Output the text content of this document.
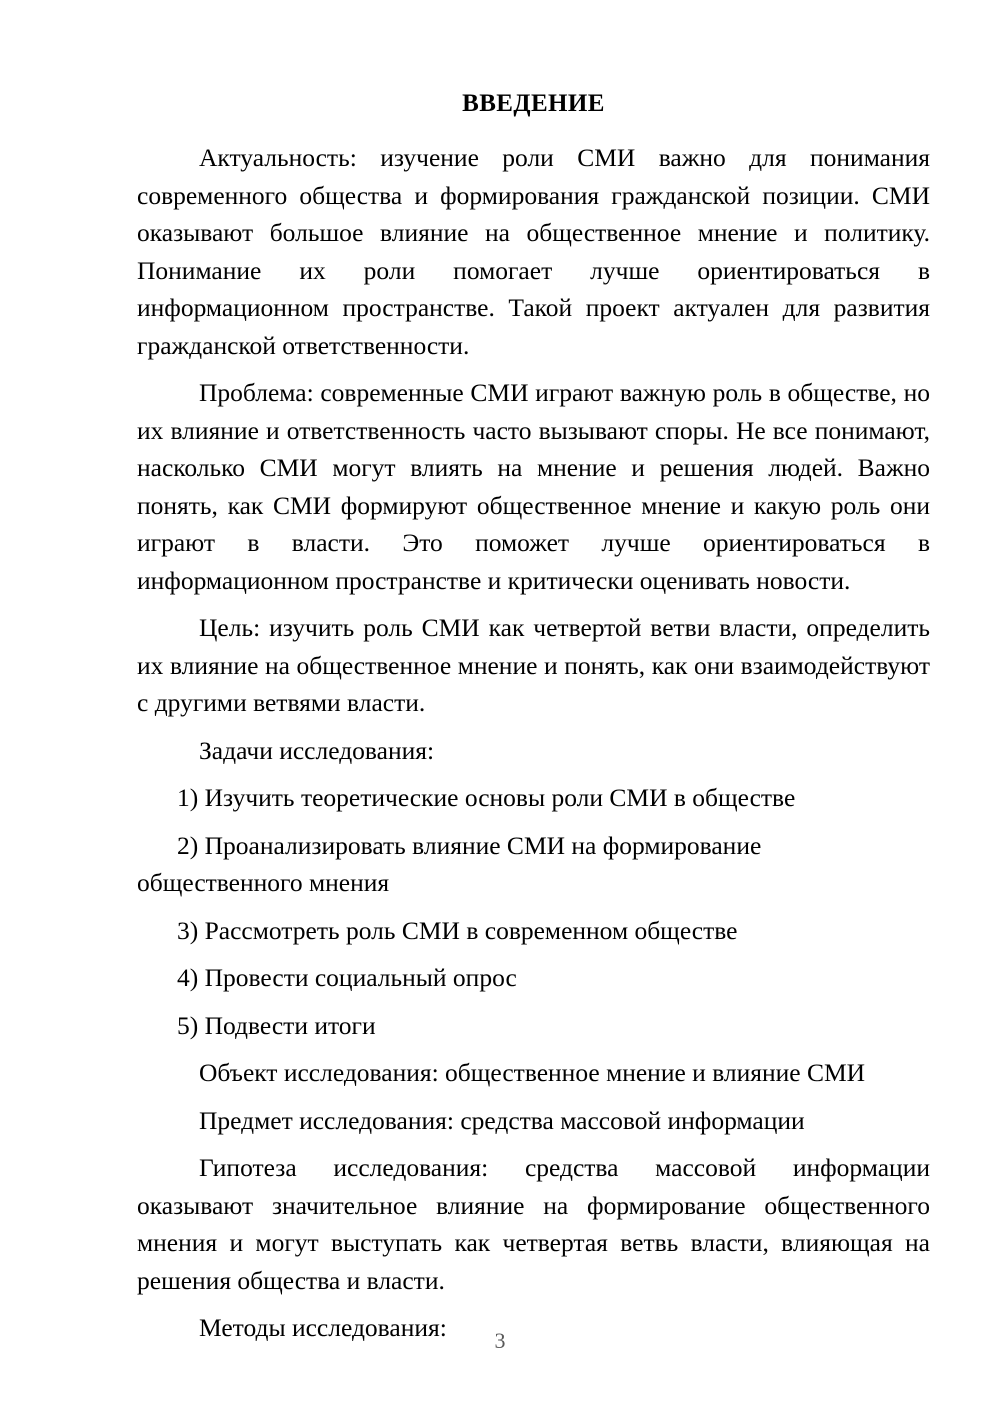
ВВЕДЕНИЕ

Актуальность: изучение роли СМИ важно для понимания современного общества и формирования гражданской позиции. СМИ оказывают большое влияние на общественное мнение и политику. Понимание их роли помогает лучше ориентироваться в информационном пространстве. Такой проект актуален для развития гражданской ответственности.

Проблема: современные СМИ играют важную роль в обществе, но их влияние и ответственность часто вызывают споры. Не все понимают, насколько СМИ могут влиять на мнение и решения людей. Важно понять, как СМИ формируют общественное мнение и какую роль они играют в власти. Это поможет лучше ориентироваться в информационном пространстве и критически оценивать новости.

Цель: изучить роль СМИ как четвертой ветви власти, определить их влияние на общественное мнение и понять, как они взаимодействуют с другими ветвями власти.

Задачи исследования:

1) Изучить теоретические основы роли СМИ в обществе

2) Проанализировать влияние СМИ на формирование общественного мнения

3) Рассмотреть роль СМИ в современном обществе

4) Провести социальный опрос

5) Подвести итоги

Объект исследования: общественное мнение и влияние СМИ

Предмет исследования: средства массовой информации

Гипотеза исследования: средства массовой информации оказывают значительное влияние на формирование общественного мнения и могут выступать как четвертая ветвь власти, влияющая на решения общества и власти.

Методы исследования:	3
